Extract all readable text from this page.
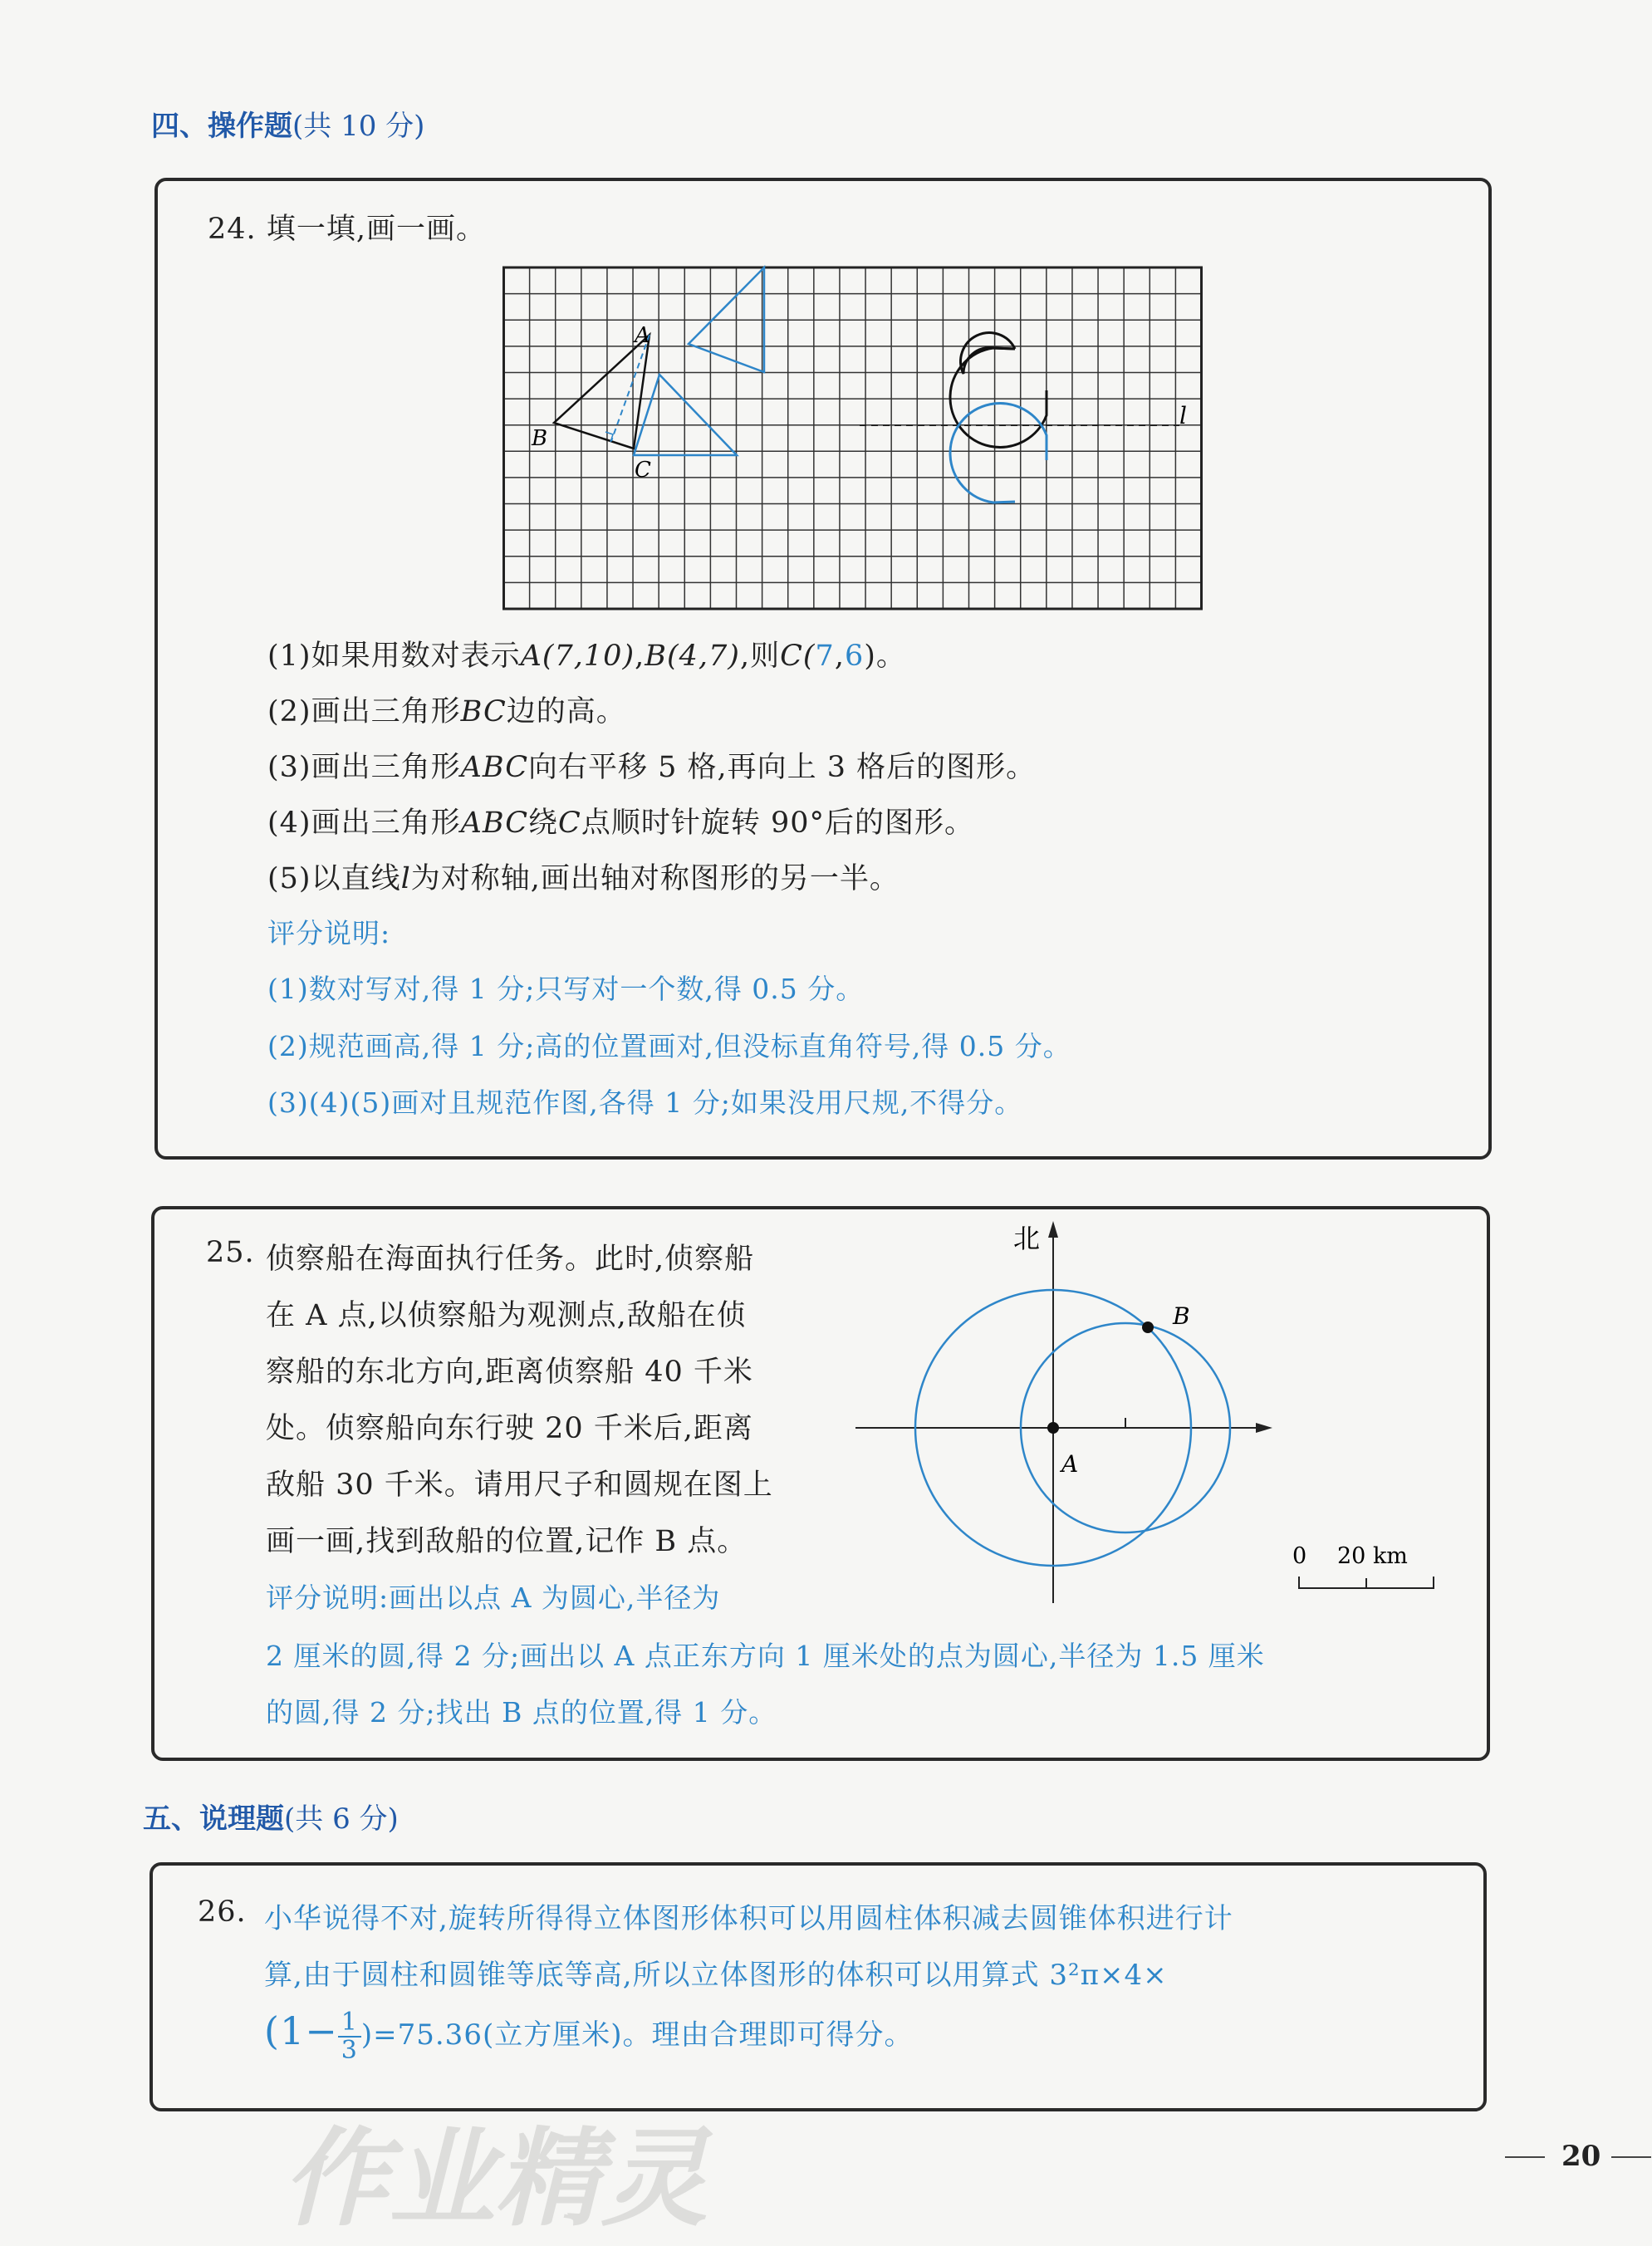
四、操作题(共 10 分)
24. 填一填,画一画。
A
B
C
l
(1)如果用数对表示A(7,10),B(4,7),则C(7,6)。
(2)画出三角形BC边的高。
(3)画出三角形ABC向右平移 5 格,再向上 3 格后的图形。
(4)画出三角形ABC绕C点顺时针旋转 90°后的图形。
(5)以直线l为对称轴,画出轴对称图形的另一半。
评分说明:
(1)数对写对,得 1 分;只写对一个数,得 0.5 分。
(2)规范画高,得 1 分;高的位置画对,但没标直角符号,得 0.5 分。
(3)(4)(5)画对且规范作图,各得 1 分;如果没用尺规,不得分。
25. 侦察船在海面执行任务。此时,侦察船
在 A 点,以侦察船为观测点,敌船在侦
察船的东北方向,距离侦察船 40 千米
处。侦察船向东行驶 20 千米后,距离
敌船 30 千米。请用尺子和圆规在图上
画一画,找到敌船的位置,记作 B 点。
评分说明:画出以点 A 为圆心,半径为
2 厘米的圆,得 2 分;画出以 A 点正东方向 1 厘米处的点为圆心,半径为 1.5 厘米
的圆,得 2 分;找出 B 点的位置,得 1 分。
北
A
B
0 20 km
五、说理题(共 6 分)
26. 小华说得不对,旋转所得得立体图形体积可以用圆柱体积减去圆锥体积进行计
算,由于圆柱和圆锥等底等高,所以立体图形的体积可以用算式 3²π×4×
$(1- \frac{1}{3} )=75.36$(立方厘米)。理由合理即可得分。
作业精灵	20
